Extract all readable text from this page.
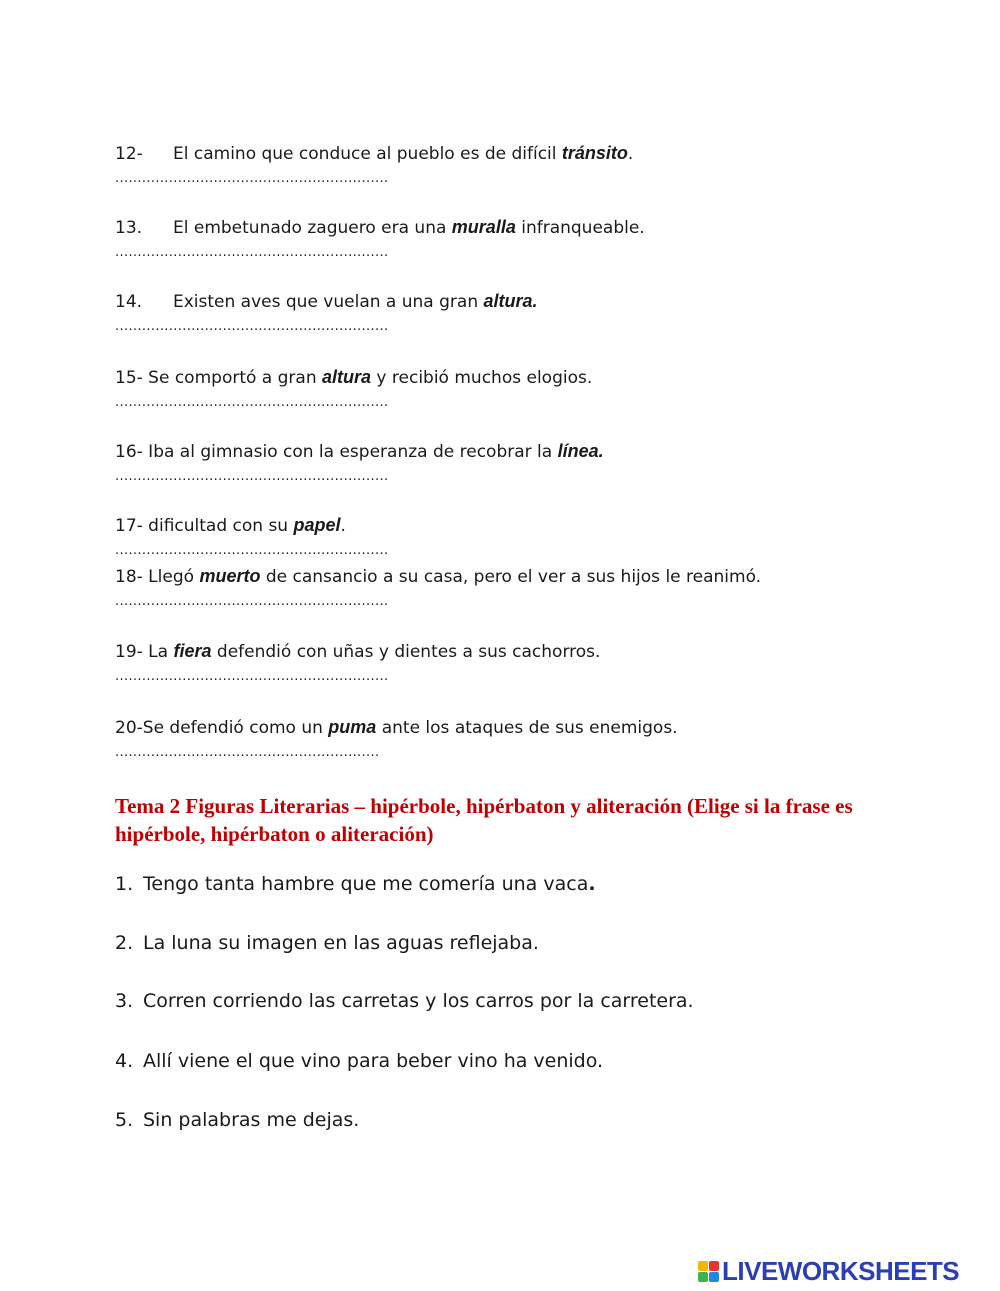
12- El camino que conduce al pueblo es de difícil tránsito.
.............................................................
13. El embetunado zaguero era una muralla infranqueable.
.............................................................
14. Existen aves que vuelan a una gran altura.
.............................................................
15- Se comportó a gran altura y recibió muchos elogios.
.............................................................
16- Iba al gimnasio con la esperanza de recobrar la línea.
.............................................................
17- dificultad con su papel.
.............................................................
18- Llegó muerto de cansancio a su casa, pero el ver a sus hijos le reanimó.
.............................................................
19- La fiera defendió con uñas y dientes a sus cachorros.
.............................................................
20-Se defendió como un puma ante los ataques de sus enemigos.
...........................................................
Tema 2 Figuras Literarias – hipérbole, hipérbaton y aliteración (Elige si la frase es hipérbole, hipérbaton o aliteración)
1. Tengo tanta hambre que me comería una vaca.
2. La luna su imagen en las aguas reflejaba.
3. Corren corriendo las carretas y los carros por la carretera.
4. Allí viene el que vino para beber vino ha venido.
5. Sin palabras me dejas.
LIVEWORKSHEETS
